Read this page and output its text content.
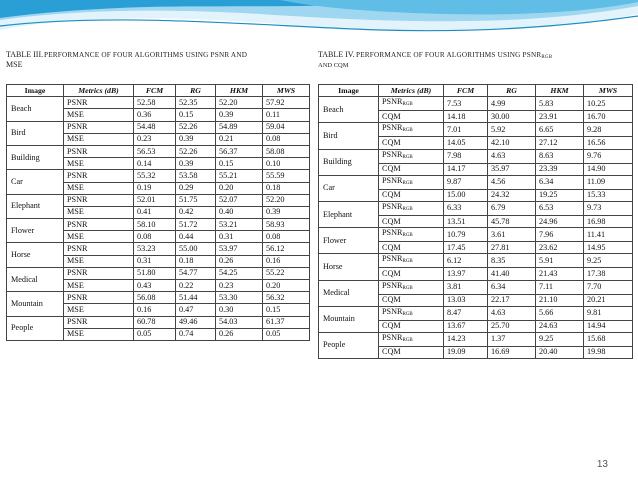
TABLE III.
MSEPERFORMANCE OF FOUR ALGORITHMS USING PSNR AND	TABLE IV.
AND CQMPERFORMANCE OF FOUR ALGORITHMS USING $PSNR_{RGB}$
Image	Metrics (dB)	FCM	RG	HKM	MWS
Beach	PSNR	52.58	52.35	52.20	57.92
	MSE	0.36	0.15	0.39	0.11
Bird	PSNR	54.48	52.26	54.89	59.04
	MSE	0.23	0.39	0.21	0.08
Building	PSNR	56.53	52.26	56.37	58.08
	MSE	0.14	0.39	0.15	0.10
Car	PSNR	55.32	53.58	55.21	55.59
	MSE	0.19	0.29	0.20	0.18
Elephant	PSNR	52.01	51.75	52.07	52.20
	MSE	0.41	0.42	0.40	0.39
Flower	PSNR	58.10	51.72	53.21	58.93
	MSE	0.08	0.44	0.31	0.08
Horse	PSNR	53.23	55.00	53.97	56.12
	MSE	0.31	0.18	0.26	0.16
Medical	PSNR	51.80	54.77	54.25	55.22
	MSE	0.43	0.22	0.23	0.20
Mountain	PSNR	56.08	51.44	53.30	56.32
	MSE	0.16	0.47	0.30	0.15
People	PSNR	60.78	49.46	54.03	61.37
	MSE	0.05	0.74	0.26	0.05
Image	Metrics (dB)	FCM	RG	HKM	MWS
Beach	$PSNR_{RGB}$	7.53	4.99	5.83	10.25
	CQM	14.18	30.00	23.91	16.70
Bird	$PSNR_{RGB}$	7.01	5.92	6.65	9.28
	CQM	14.05	42.10	27.12	16.56
Building	$PSNR_{RGB}$	7.98	4.63	8.63	9.76
	CQM	14.17	35.97	23.39	14.90
Car	$PSNR_{RGB}$	9.87	4.56	6.34	11.09
	CQM	15.00	24.32	19.25	15.33
Elephant	$PSNR_{RGB}$	6.33	6.79	6.53	9.73
	CQM	13.51	45.78	24.96	16.98
Flower	$PSNR_{RGB}$	10.79	3.61	7.96	11.41
	CQM	17.45	27.81	23.62	14.95
Horse	$PSNR_{RGB}$	6.12	8.35	5.91	9.25
	CQM	13.97	41.40	21.43	17.38
Medical	$PSNR_{RGB}$	3.81	6.34	7.11	7.70
	CQM	13.03	22.17	21.10	20.21
Mountain	$PSNR_{RGB}$	8.47	4.63	5.66	9.81
	CQM	13.67	25.70	24.63	14.94
People	$PSNR_{RGB}$	14.23	1.37	9.25	15.68
	CQM	19.09	16.69	20.40	19.98
13
